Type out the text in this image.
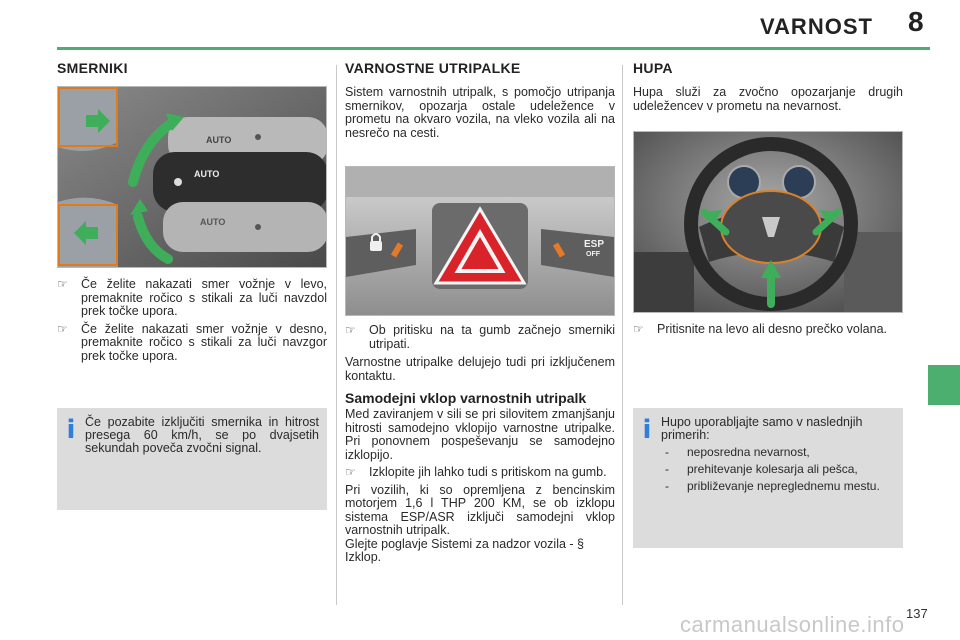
VARNOST 8
SMERNIKI
AUTO
AUTO
AUTO
☞	Če želite nakazati smer vožnje v levo, premaknite ročico s stikali za luči navzdol prek točke upora.
☞	Če želite nakazati smer vožnje v desno, premaknite ročico s stikali za luči navzgor prek točke upora.
i Če pozabite izključiti smernika in hitrost presega 60 km/h, se po dvajsetih sekundah poveča zvočni signal.
VARNOSTNE UTRIPALKE

Sistem varnostnih utripalk, s pomočjo utripanja smernikov, opozarja ostale udeležence v prometu na okvaro vozila, na vleko vozila ali na nesrečo na cesti.

ESP
OFF
☞	Ob pritisku na ta gumb začnejo smerniki utripati.

Varnostne utripalke delujejo tudi pri izključenem kontaktu.

Samodejni vklop varnostnih utripalk

Med zaviranjem v sili se pri silovitem zmanjšanju hitrosti samodejno vklopijo varnostne utripalke. Pri ponovnem pospeševanju se samodejno izklopijo.

☞	Izklopite jih lahko tudi s pritiskom na gumb.

Pri vozilih, ki so opremljena z bencinskim motorjem 1,6 l THP 200 KM, se ob izklopu sistema ESP/ASR izključi samodejni vklop varnostnih utripalk.

Glejte poglavje Sistemi za nadzor vozila - § Izklop.

HUPA

Hupa služi za zvočno opozarjanje drugih udeležencev v prometu na nevarnost.

☞	Pritisnite na levo ali desno prečko volana.
i Hupo uporabljajte samo v naslednjih primerih:
-	neposredna nevarnost,
-	prehitevanje kolesarja ali pešca,
-	približevanje nepreglednemu mestu.
carmanualsonline.info 137
